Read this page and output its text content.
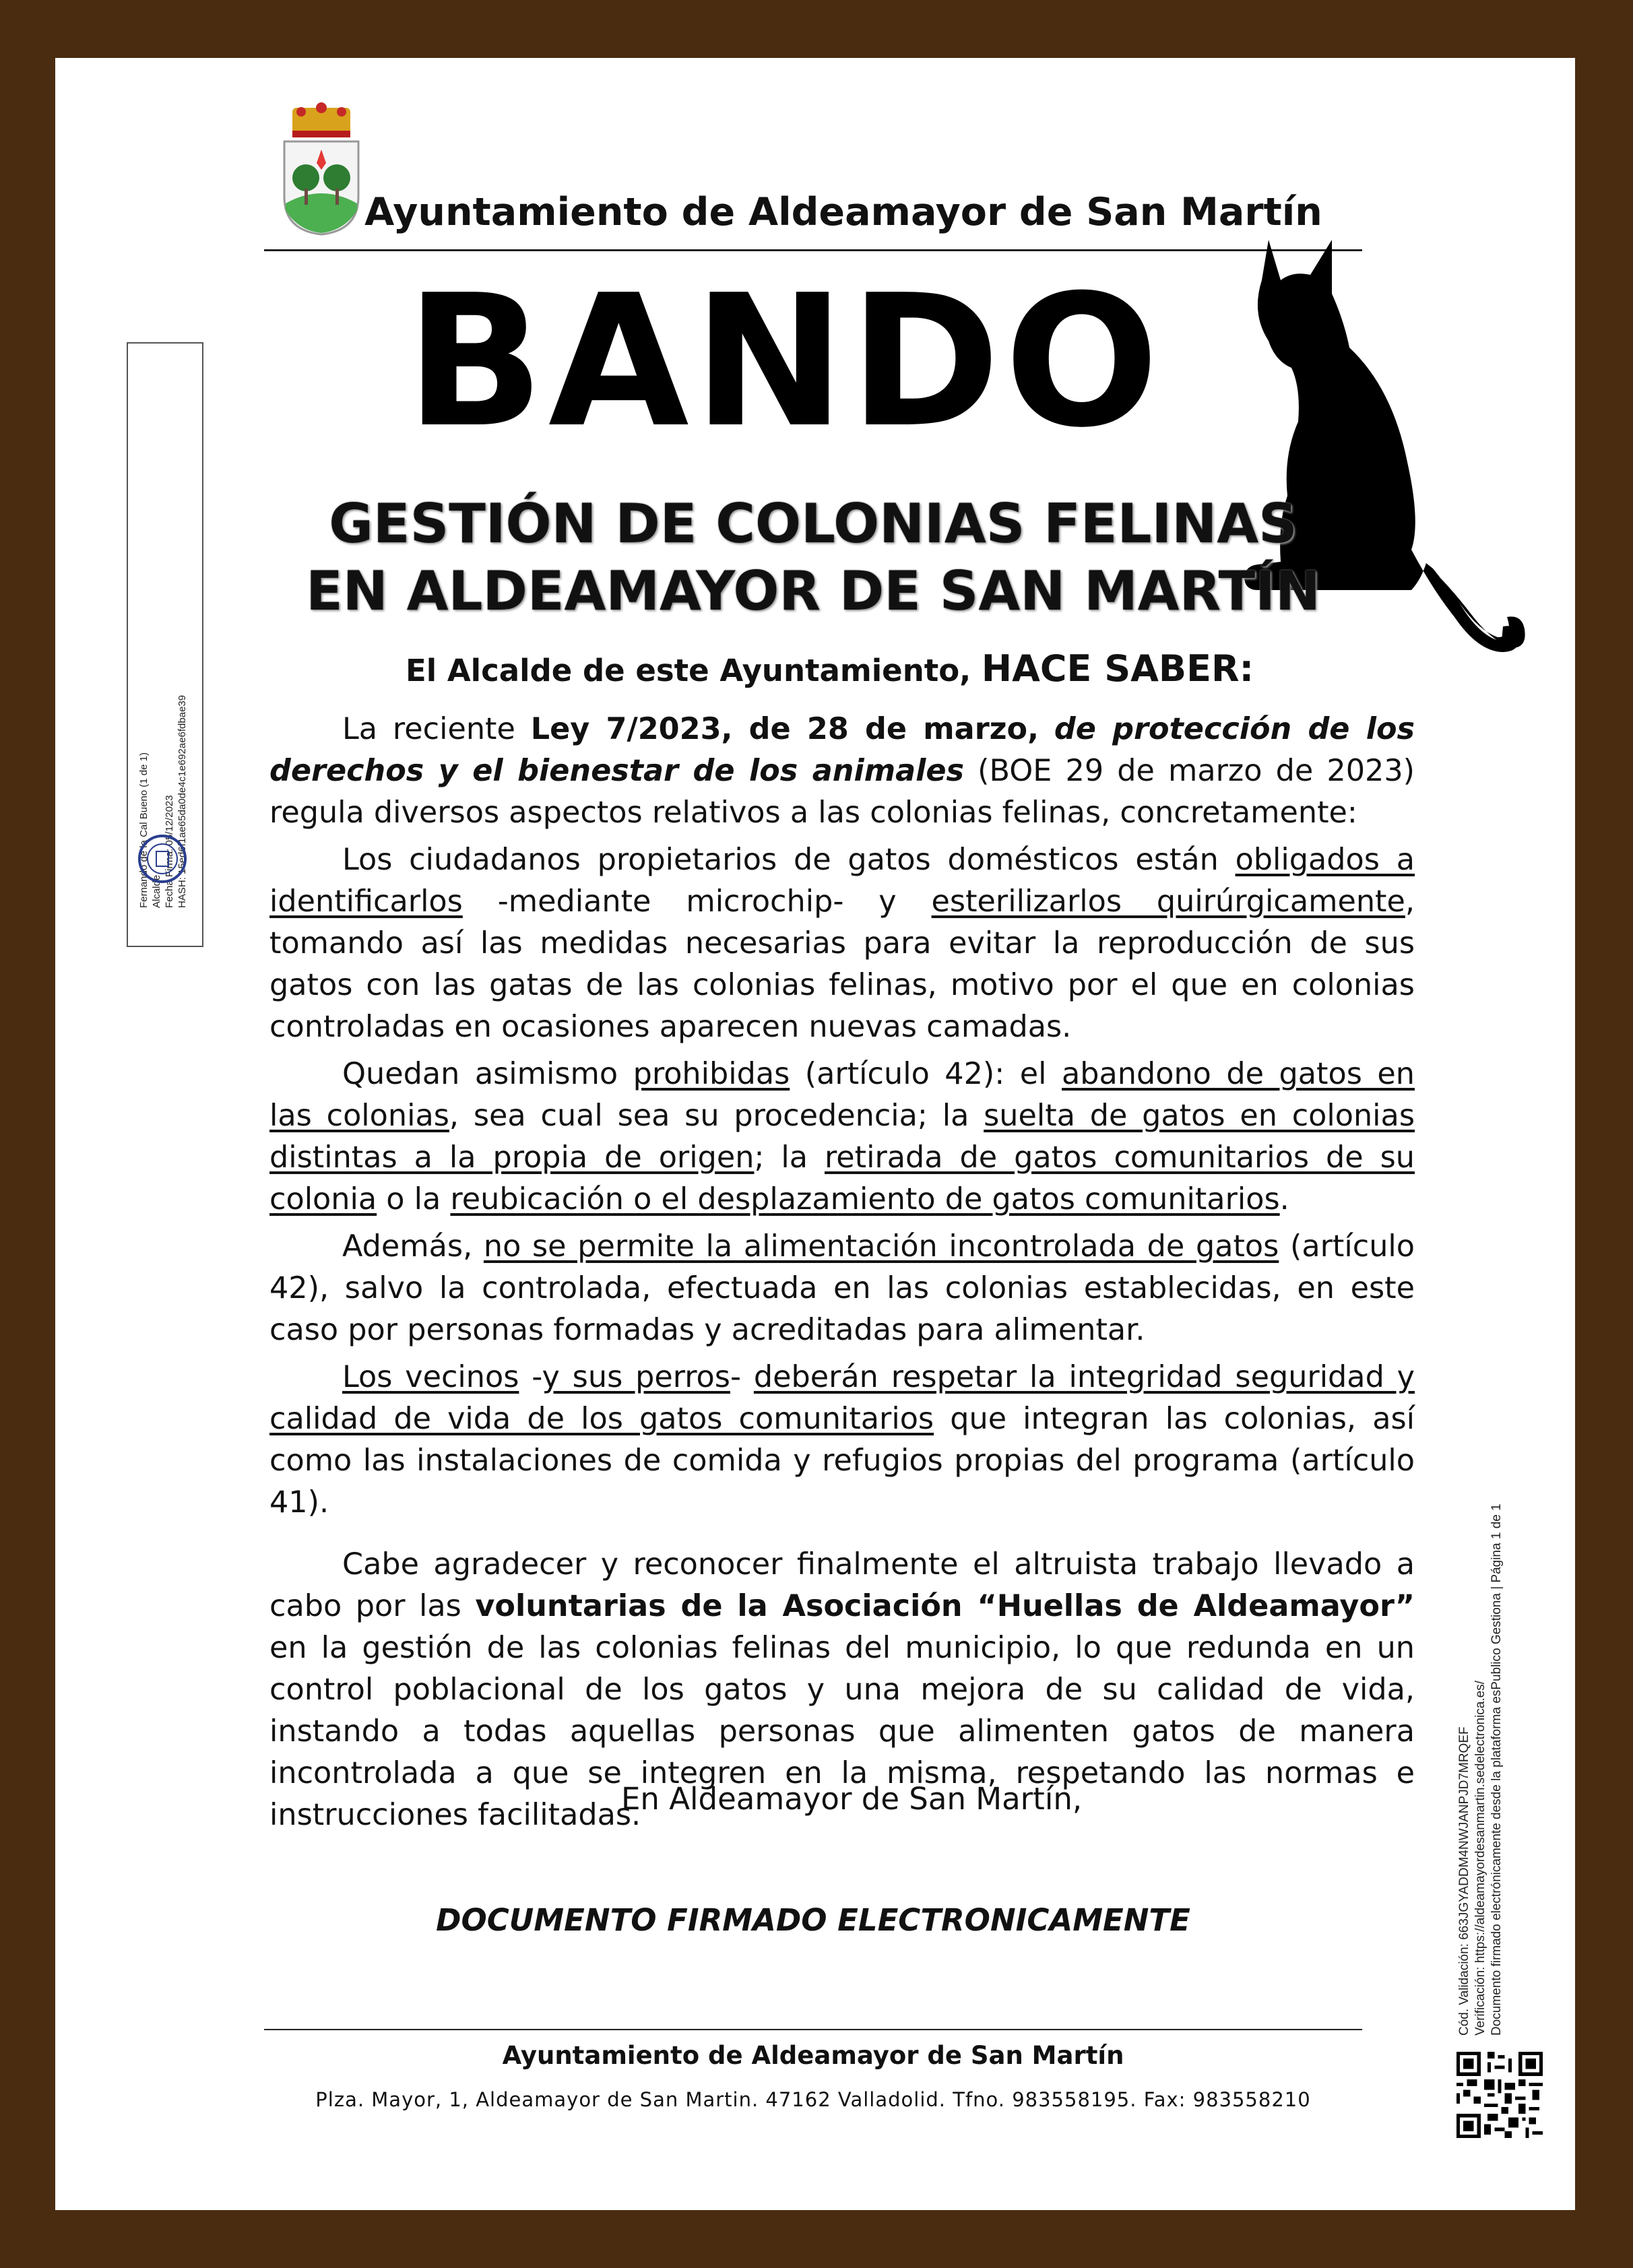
Ayuntamiento de Aldeamayor de San Martín
BANDO
GESTIÓN DE COLONIAS FELINAS
EN ALDEAMAYOR DE SAN MARTÍN
El Alcalde de este Ayuntamiento, HACE SABER:

La reciente Ley 7/2023, de 28 de marzo, de protección de los derechos y el bienestar de los animales (BOE 29 de marzo de 2023) regula diversos aspectos relativos a las colonias felinas, concretamente:

Los ciudadanos propietarios de gatos domésticos están obligados a identificarlos -mediante microchip- y esterilizarlos quirúrgicamente, tomando así las medidas necesarias para evitar la reproducción de sus gatos con las gatas de las colonias felinas, motivo por el que en colonias controladas en ocasiones aparecen nuevas camadas.

Quedan asimismo prohibidas (artículo 42): el abandono de gatos en las colonias, sea cual sea su procedencia; la suelta de gatos en colonias distintas a la propia de origen; la retirada de gatos comunitarios de su colonia o la reubicación o el desplazamiento de gatos comunitarios.

Además, no se permite la alimentación incontrolada de gatos (artículo 42), salvo la controlada, efectuada en las colonias establecidas, en este caso por personas formadas y acreditadas para alimentar.

Los vecinos -y sus perros- deberán respetar la integridad seguridad y calidad de vida de los gatos comunitarios que integran las colonias, así como las instalaciones de comida y refugios propias del programa (artículo 41).

Cabe agradecer y reconocer finalmente el altruista trabajo llevado a cabo por las voluntarias de la Asociación “Huellas de Aldeamayor” en la gestión de las colonias felinas del municipio, lo que redunda en un control poblacional de los gatos y una mejora de su calidad de vida, instando a todas aquellas personas que alimenten gatos de manera incontrolada a que se integren en la misma, respetando las normas e instrucciones facilitadas.

En Aldeamayor de San Martín,
DOCUMENTO FIRMADO ELECTRONICAMENTE
Ayuntamiento de Aldeamayor de San Martín
Plza. Mayor, 1, Aldeamayor de San Martin. 47162 Valladolid. Tfno. 983558195. Fax: 983558210
Fernando de la Cal Bueno (1 de 1) Alcalde Fecha Firma: 05/12/2023 HASH: 15ed6f1ae65da0de4c1e692ae6fdbae39
Cód. Validación: 663JGYADDM4NWJANPJD7MRQEF Verificación: https://aldeamayordesanmartin.sedelectronica.es/ Documento firmado electrónicamente desde la plataforma esPublico Gestiona | Página 1 de 1
